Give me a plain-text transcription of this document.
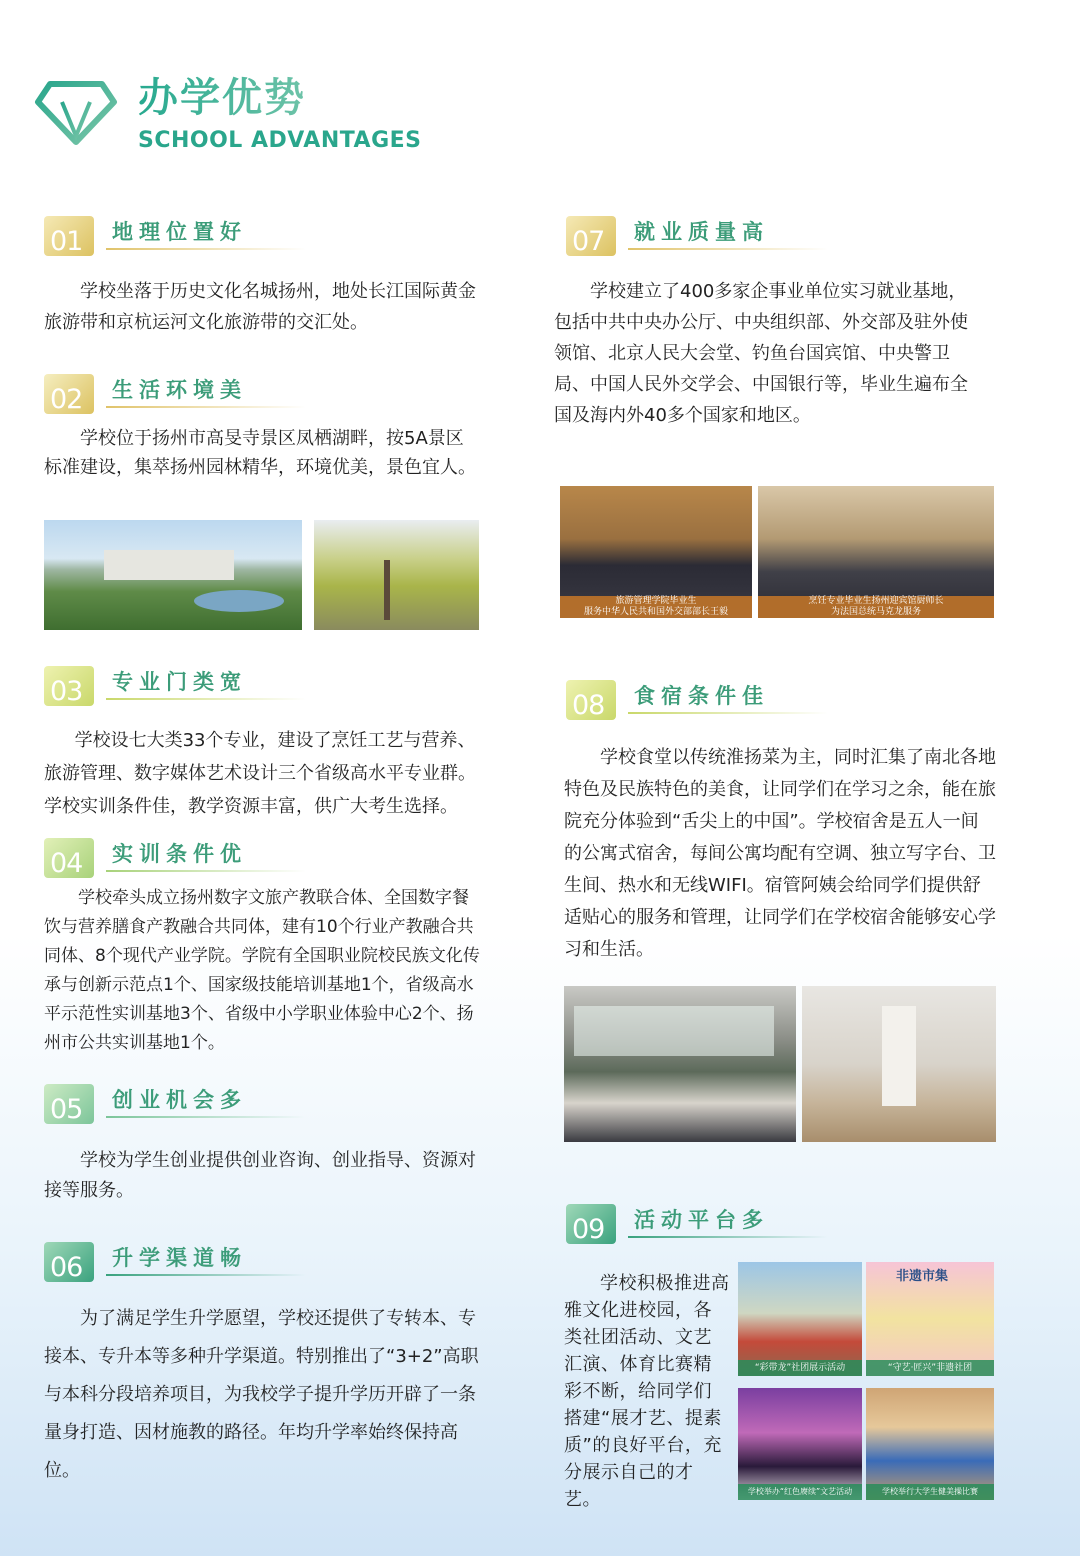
办学优势
SCHOOL ADVANTAGES
01 地理位置好
学校坐落于历史文化名城扬州，地处长江国际黄金旅游带和京杭运河文化旅游带的交汇处。
02 生活环境美
学校位于扬州市高旻寺景区凤栖湖畔，按5A景区标准建设，集萃扬州园林精华，环境优美，景色宜人。
03 专业门类宽
学校设七大类33个专业，建设了烹饪工艺与营养、旅游管理、数字媒体艺术设计三个省级高水平专业群。学校实训条件佳，教学资源丰富，供广大考生选择。
04 实训条件优
学校牵头成立扬州数字文旅产教联合体、全国数字餐饮与营养膳食产教融合共同体，建有10个行业产教融合共同体、8个现代产业学院。学院有全国职业院校民族文化传承与创新示范点1个、国家级技能培训基地1个，省级高水平示范性实训基地3个、省级中小学职业体验中心2个、扬州市公共实训基地1个。
05 创业机会多
学校为学生创业提供创业咨询、创业指导、资源对接等服务。
06 升学渠道畅
为了满足学生升学愿望，学校还提供了专转本、专接本、专升本等多种升学渠道。特别推出了“3+2”高职与本科分段培养项目，为我校学子提升学历开辟了一条量身打造、因材施教的路径。年均升学率始终保持高位。
07 就业质量高
学校建立了400多家企事业单位实习就业基地，包括中共中央办公厅、中央组织部、外交部及驻外使领馆、北京人民大会堂、钓鱼台国宾馆、中央警卫局、中国人民外交学会、中国银行等，毕业生遍布全国及海内外40多个国家和地区。
旅游管理学院毕业生
服务中华人民共和国外交部部长王毅
烹饪专业毕业生扬州迎宾馆厨师长
为法国总统马克龙服务
08 食宿条件佳
学校食堂以传统淮扬菜为主，同时汇集了南北各地特色及民族特色的美食，让同学们在学习之余，能在旅院充分体验到“舌尖上的中国”。学校宿舍是五人一间的公寓式宿舍，每间公寓均配有空调、独立写字台、卫生间、热水和无线WIFI。宿管阿姨会给同学们提供舒适贴心的服务和管理，让同学们在学校宿舍能够安心学习和生活。
09 活动平台多
学校积极推进高雅文化进校园，各类社团活动、文艺汇演、体育比赛精彩不断，给同学们搭建“展才艺、提素质”的良好平台，充分展示自己的才艺。
“彩带龙”社团展示活动
非遗市集
“守艺·匠兴”非遗社团
学校举办“红色赓续”文艺活动	学校举行大学生健美操比赛
